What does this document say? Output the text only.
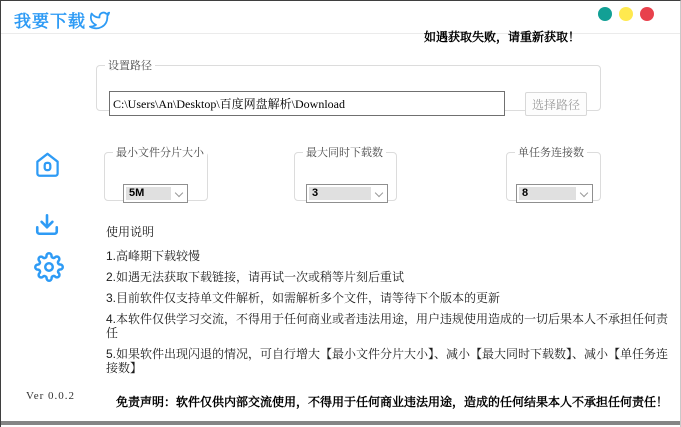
我要下载
如遇获取失败，请重新获取！
设置路径
C:\Users\An\Desktop\百度网盘解析\Download
选择路径
最小文件分片大小
5M
最大同时下载数
3
单任务连接数
8
使用说明
1.高峰期下载较慢
2.如遇无法获取下载链接，请再试一次或稍等片刻后重试
3.目前软件仅支持单文件解析，如需解析多个文件，请等待下个版本的更新
4.本软件仅供学习交流，不得用于任何商业或者违法用途，用户违规使用造成的一切后果本人不承担任何责任
5.如果软件出现闪退的情况，可自行增大【最小文件分片大小】、减小【最大同时下载数】、减小【单任务连接数】
Ver 0.0.2	免责声明：软件仅供内部交流使用，不得用于任何商业违法用途，造成的任何结果本人不承担任何责任！
